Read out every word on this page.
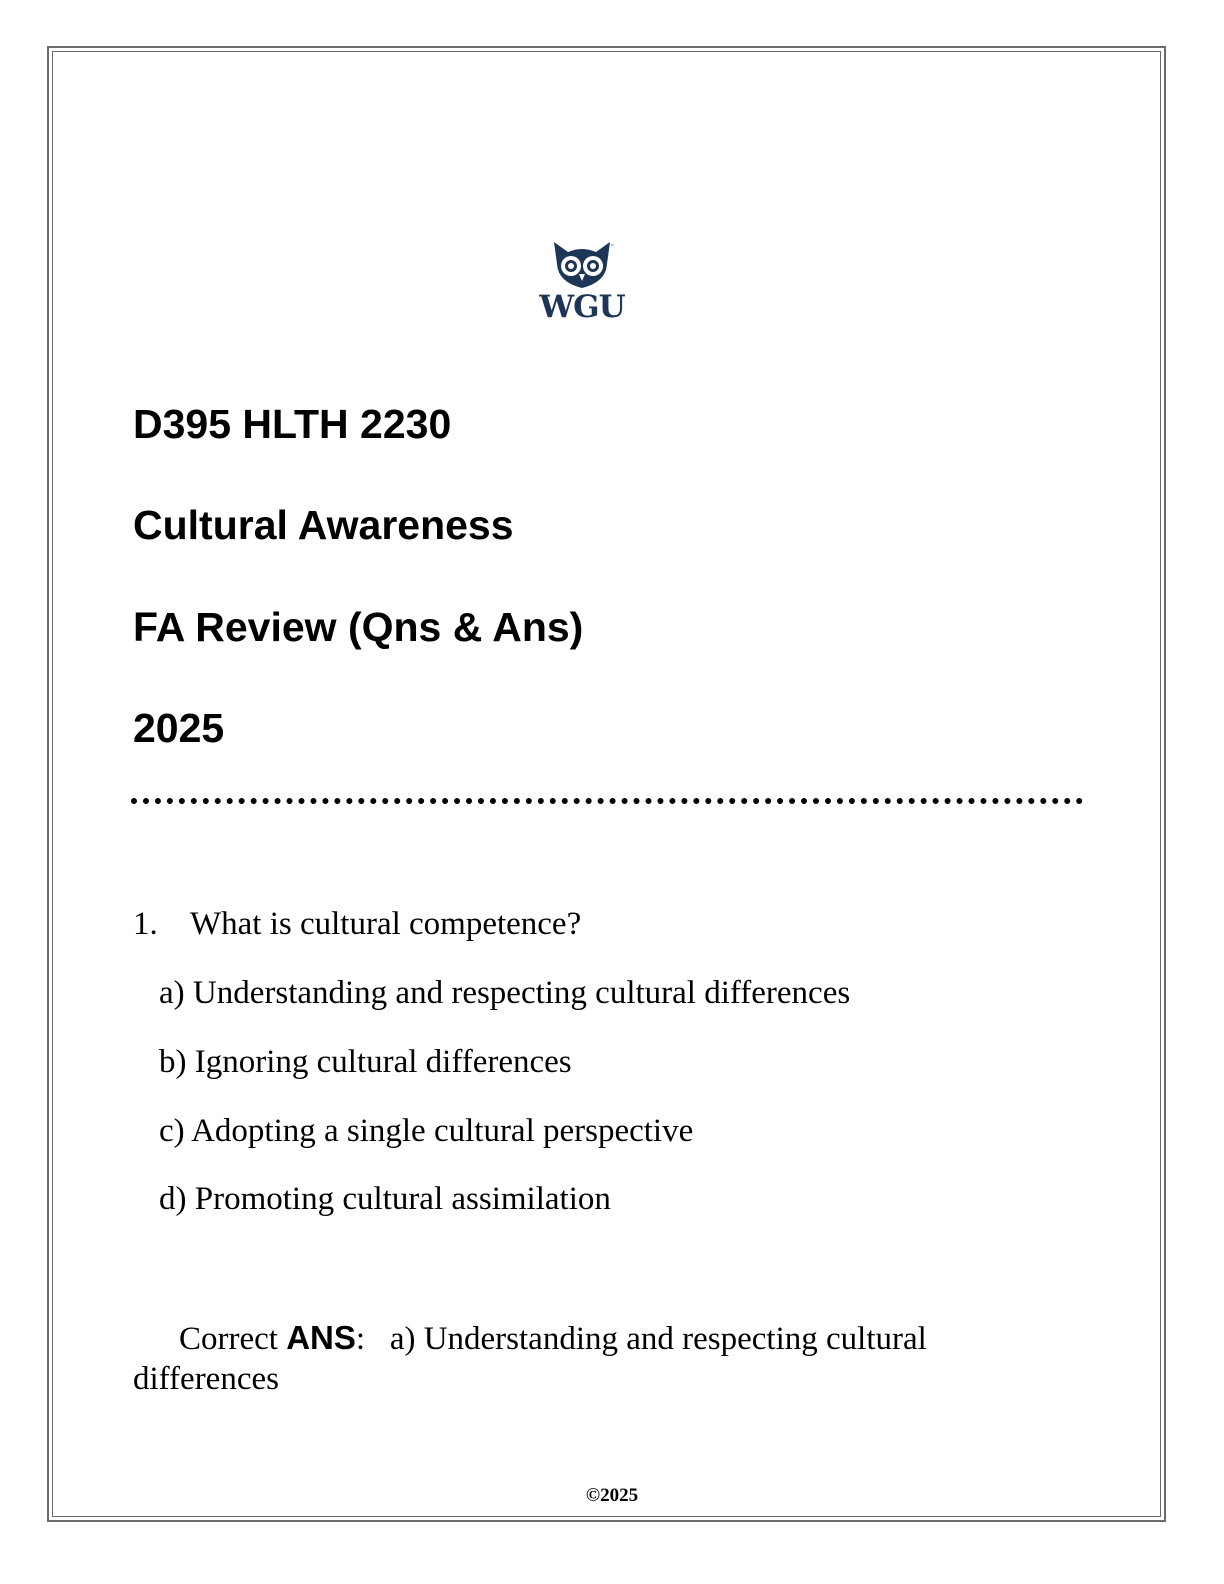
™
WGU
D395 HLTH 2230
Cultural Awareness
FA Review (Qns & Ans)
2025
1. What is cultural competence?
a) Understanding and respecting cultural differences
b) Ignoring cultural differences
c) Adopting a single cultural perspective
d) Promoting cultural assimilation
Correct ANS: a) Understanding and respecting cultural differences
©2025
